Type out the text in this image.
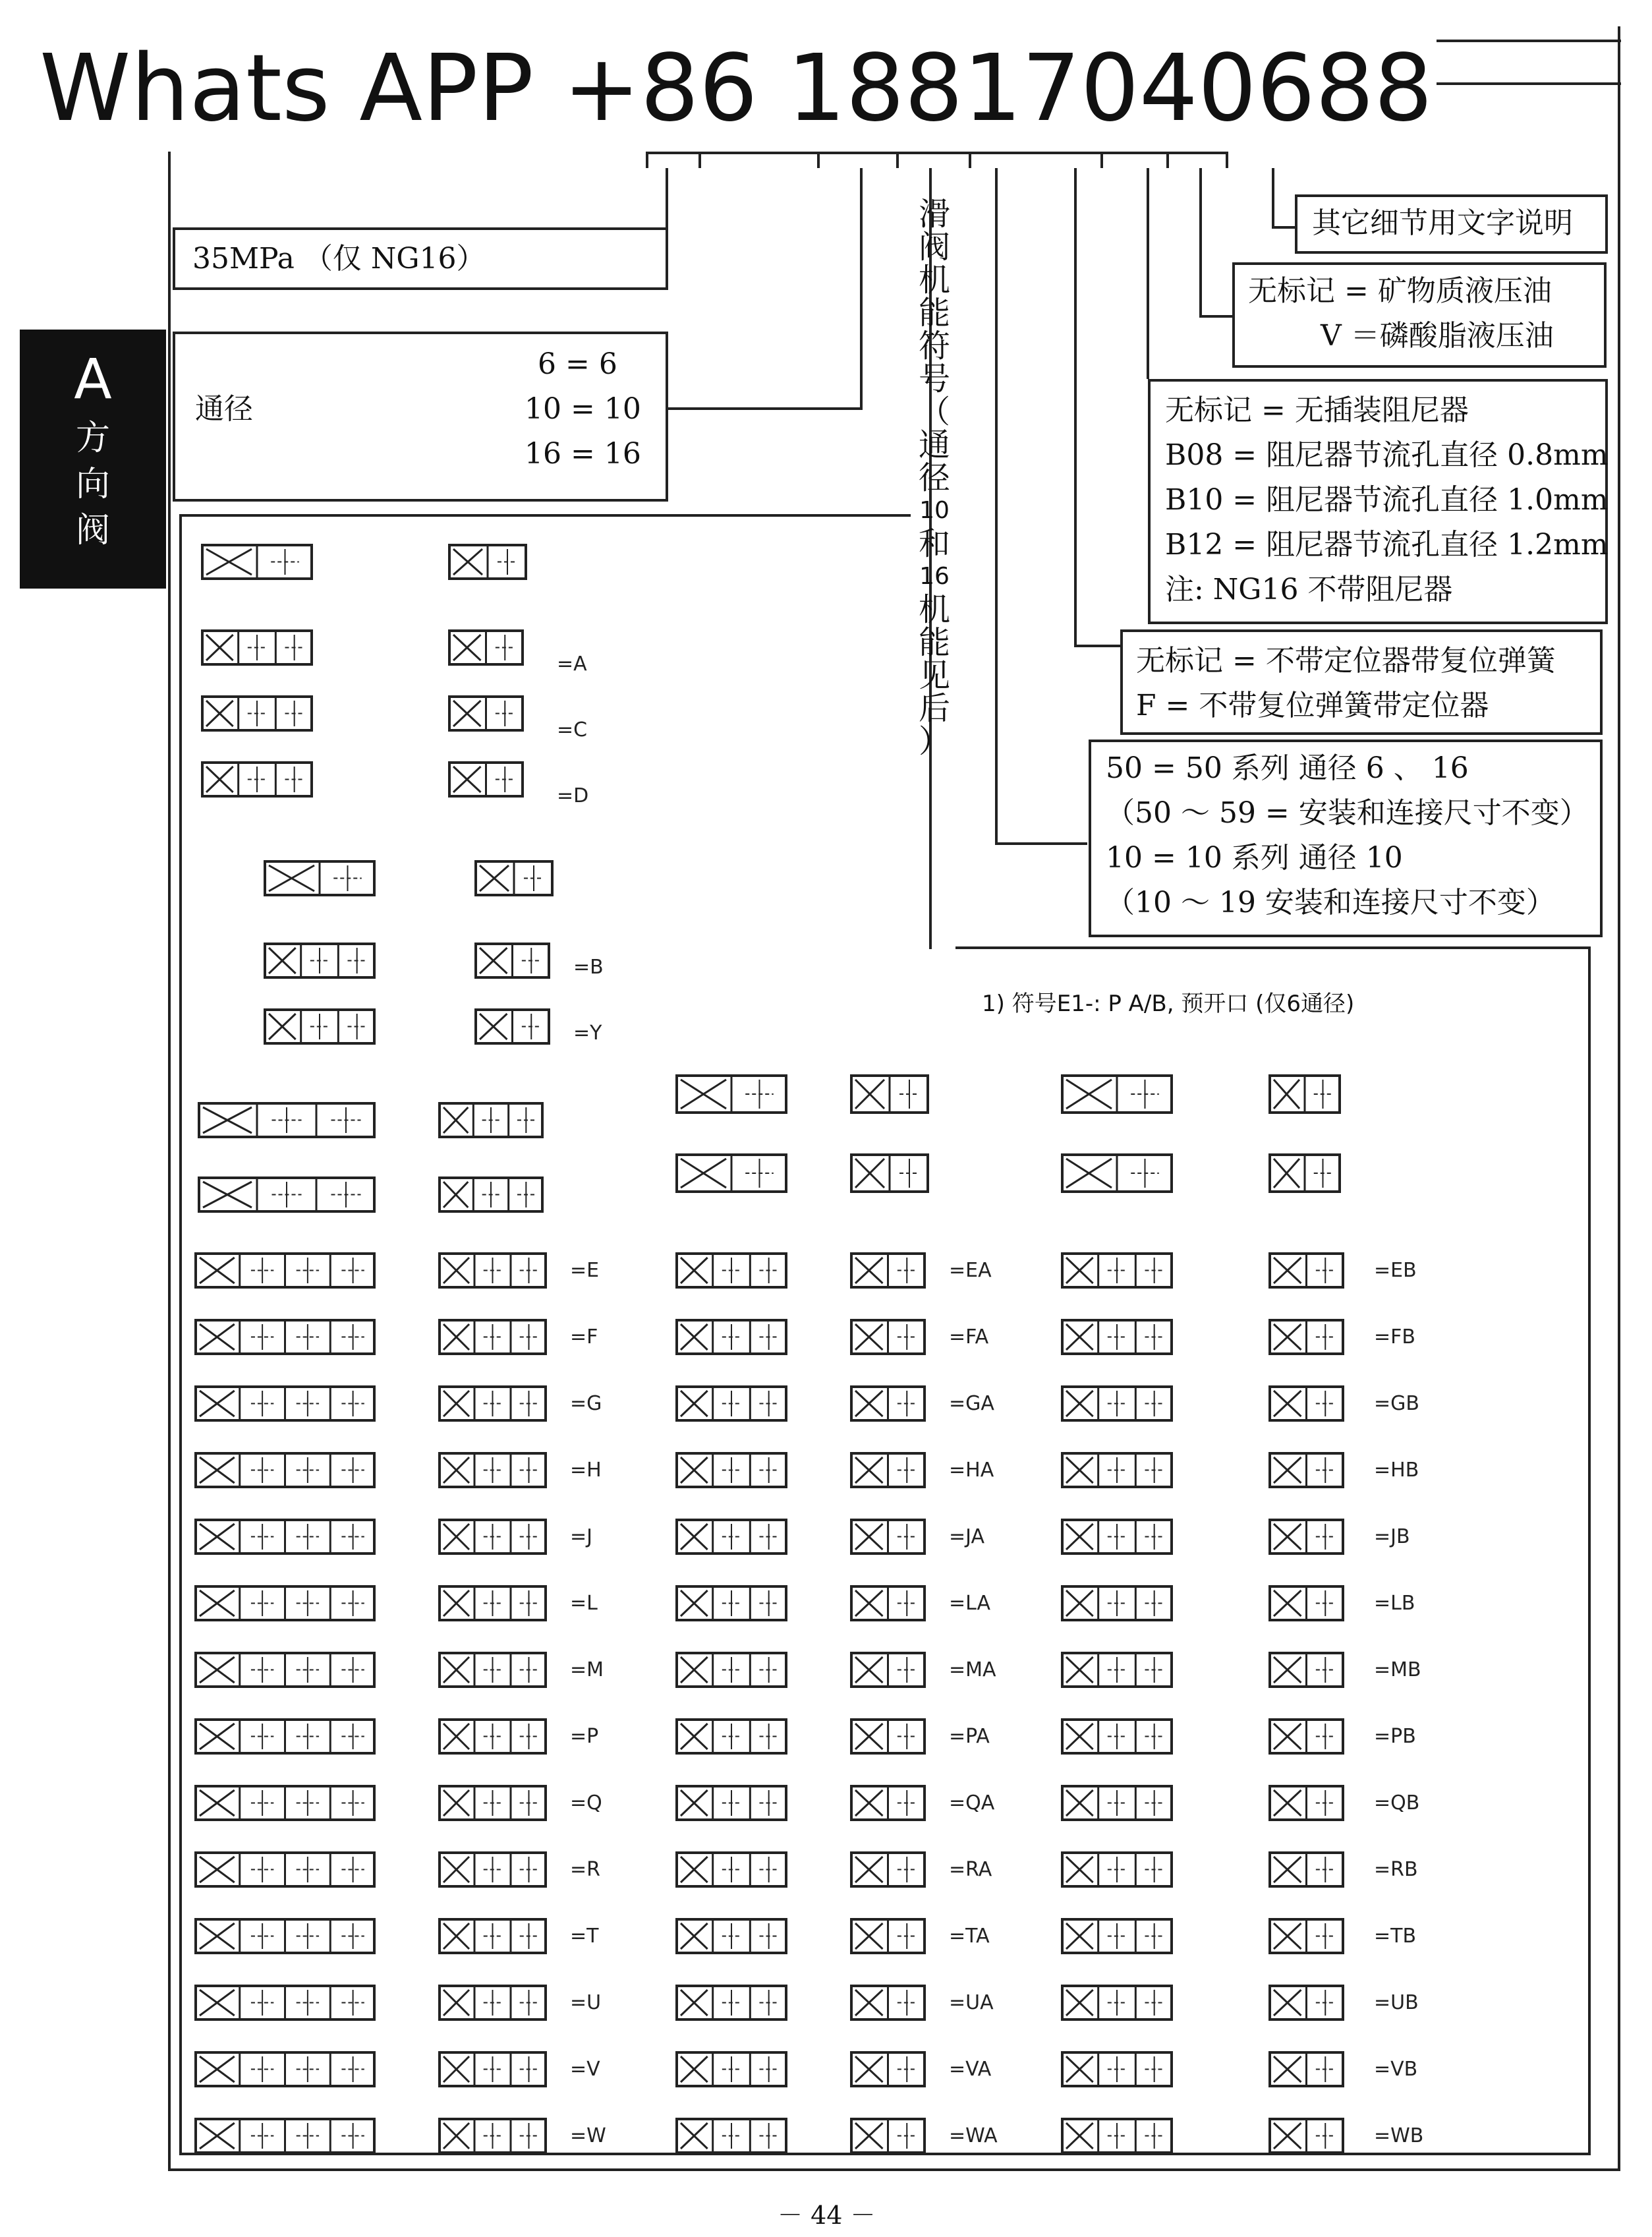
Whats APP +86 18817040688
A
方
向
阀
35MPa （仅 NG16）
通径
6 = 6
10 = 10
16 = 16
滑
阀
机
能
符
号
（
通
径
10
和
16
机
能
见
后
）
其它细节用文字说明
无标记 = 矿物质液压油
V ＝磷酸脂液压油
无标记 = 无插装阻尼器
B08 = 阻尼器节流孔直径 0.8mm
B10 = 阻尼器节流孔直径 1.0mm
B12 = 阻尼器节流孔直径 1.2mm
注: NG16 不带阻尼器
无标记 = 不带定位器带复位弹簧
F = 不带复位弹簧带定位器
50 = 50 系列 通径 6 、 16
（50 ～ 59 = 安装和连接尺寸不变）
10 = 10 系列 通径 10
（10 ～ 19 安装和连接尺寸不变）
1) 符号E1-: P A/B, 预开口 (仅6通径)
=A
=C
=D
=B
=Y
=E
=F
=G
=H
=J
=L
=M
=P
=Q
=R
=T
=U
=V
=W
=EA
=FA
=GA
=HA
=JA
=LA
=MA
=PA
=QA
=RA
=TA
=UA
=VA
=WA
=EB
=FB
=GB
=HB
=JB
=LB
=MB
=PB
=QB
=RB
=TB
=UB
=VB
=WB
－ 44 －
